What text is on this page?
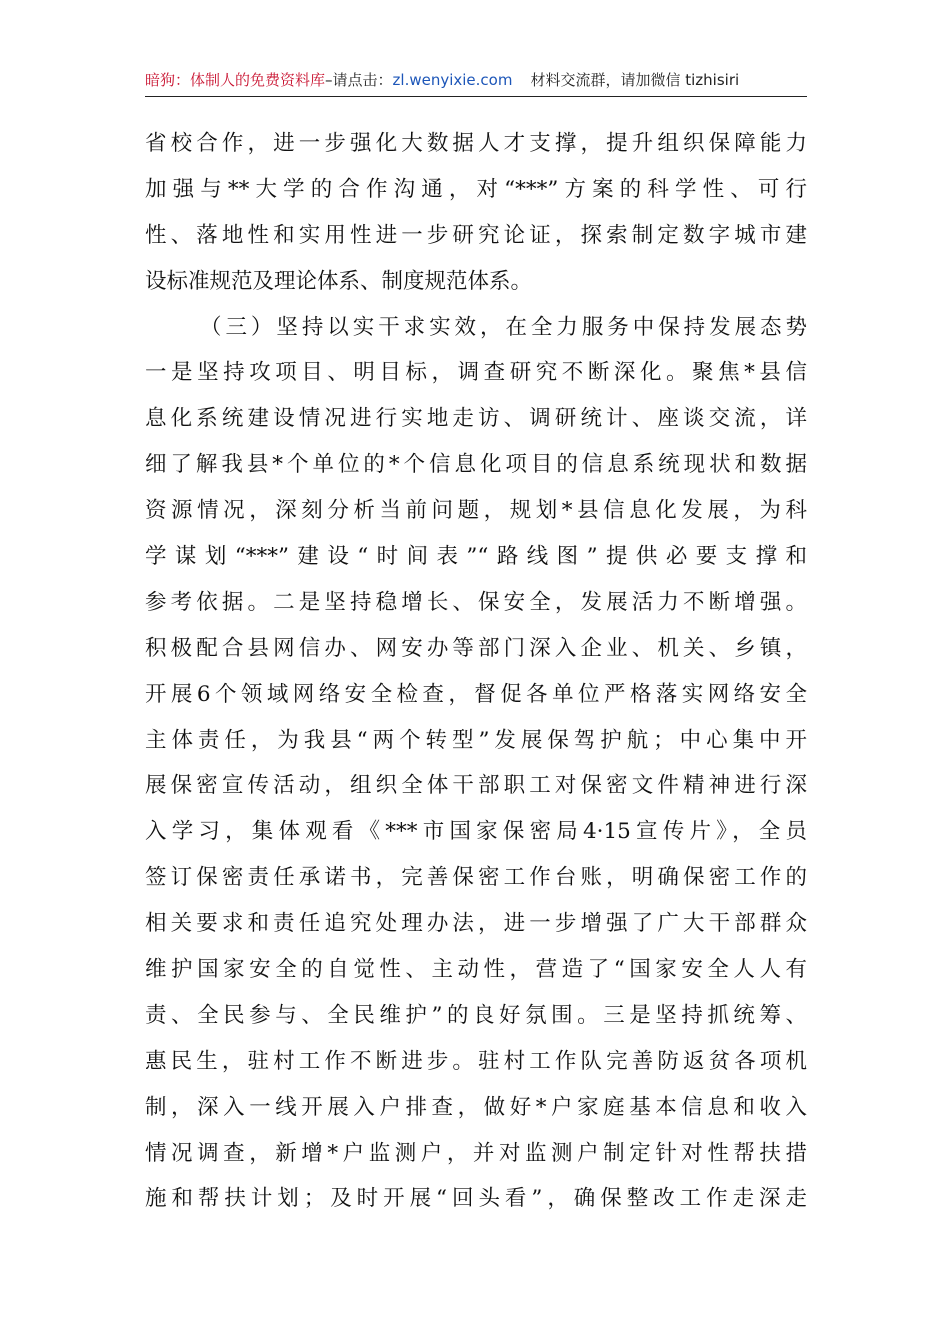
暗狗：体制人的免费资料库–请点击：zl.wenyixie.com 材料交流群，请加微信 tizhisiri
省校合作，进一步强化大数据人才支撑，提升组织保障能力
加强与**大学的合作沟通，对“***”方案的科学性、可行
性、落地性和实用性进一步研究论证，探索制定数字城市建
设标准规范及理论体系、制度规范体系。
（三）坚持以实干求实效，在全力服务中保持发展态势
一是坚持攻项目、明目标，调查研究不断深化。聚焦*县信
息化系统建设情况进行实地走访、调研统计、座谈交流，详
细了解我县*个单位的*个信息化项目的信息系统现状和数据
资源情况，深刻分析当前问题，规划*县信息化发展，为科
学谋划“***”建设“时间表”“路线图”提供必要支撑和
参考依据。二是坚持稳增长、保安全，发展活力不断增强。
积极配合县网信办、网安办等部门深入企业、机关、乡镇，
开展6个领域网络安全检查，督促各单位严格落实网络安全
主体责任，为我县“两个转型”发展保驾护航；中心集中开
展保密宣传活动，组织全体干部职工对保密文件精神进行深
入学习，集体观看《***市国家保密局4·15宣传片》，全员
签订保密责任承诺书，完善保密工作台账，明确保密工作的
相关要求和责任追究处理办法，进一步增强了广大干部群众
维护国家安全的自觉性、主动性，营造了“国家安全人人有
责、全民参与、全民维护”的良好氛围。三是坚持抓统筹、
惠民生，驻村工作不断进步。驻村工作队完善防返贫各项机
制，深入一线开展入户排查，做好*户家庭基本信息和收入
情况调查，新增*户监测户，并对监测户制定针对性帮扶措
施和帮扶计划；及时开展“回头看”，确保整改工作走深走
